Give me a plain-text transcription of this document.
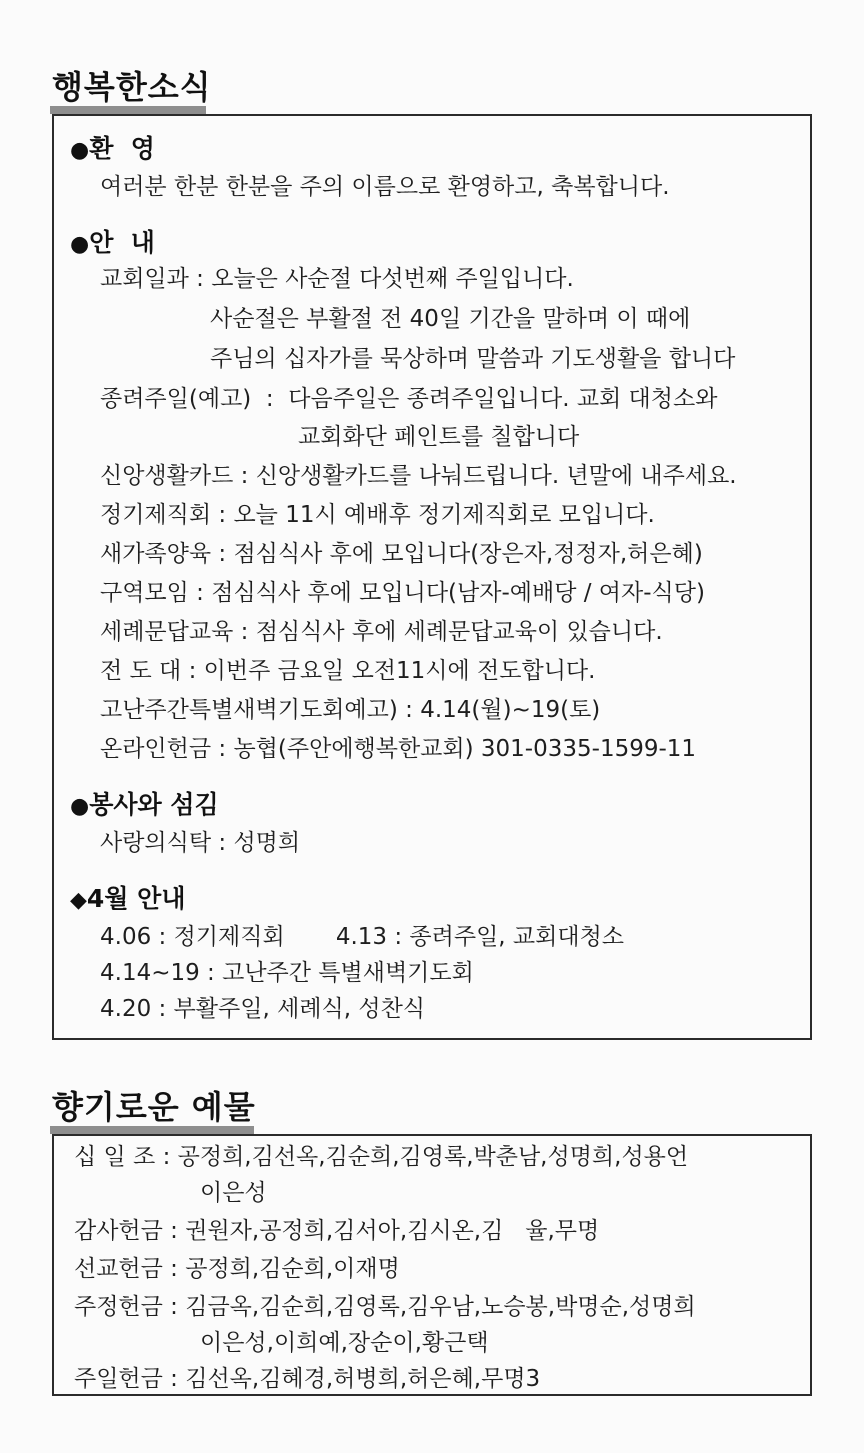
행복한소식
●환  영
여러분 한분 한분을 주의 이름으로 환영하고, 축복합니다.
●안  내
교회일과 : 오늘은 사순절 다섯번째 주일입니다.
사순절은 부활절 전 40일 기간을 말하며 이 때에
주님의 십자가를 묵상하며 말씀과 기도생활을 합니다
종려주일(예고)  :  다음주일은 종려주일입니다. 교회 대청소와
교회화단 페인트를 칠합니다
신앙생활카드 : 신앙생활카드를 나눠드립니다. 년말에 내주세요.
정기제직회 : 오늘 11시 예배후 정기제직회로 모입니다.
새가족양육 : 점심식사 후에 모입니다(장은자,정정자,허은혜)
구역모임 : 점심식사 후에 모입니다(남자-예배당 / 여자-식당)
세례문답교육 : 점심식사 후에 세례문답교육이 있습니다.
전 도 대 : 이번주 금요일 오전11시에 전도합니다.
고난주간특별새벽기도회예고) : 4.14(월)~19(토)
온라인헌금 : 농협(주안에행복한교회) 301-0335-1599-11
●봉사와 섬김
사랑의식탁 : 성명희
◆4월 안내
4.06 : 정기제직회       4.13 : 종려주일, 교회대청소
4.14~19 : 고난주간 특별새벽기도회
4.20 : 부활주일, 세례식, 성찬식
향기로운 예물
십 일 조 : 공정희,김선옥,김순희,김영록,박춘남,성명희,성용언
이은성
감사헌금 : 권원자,공정희,김서아,김시온,김   율,무명
선교헌금 : 공정희,김순희,이재명
주정헌금 : 김금옥,김순희,김영록,김우남,노승봉,박명순,성명희
이은성,이희예,장순이,황근택
주일헌금 : 김선옥,김혜경,허병희,허은혜,무명3
